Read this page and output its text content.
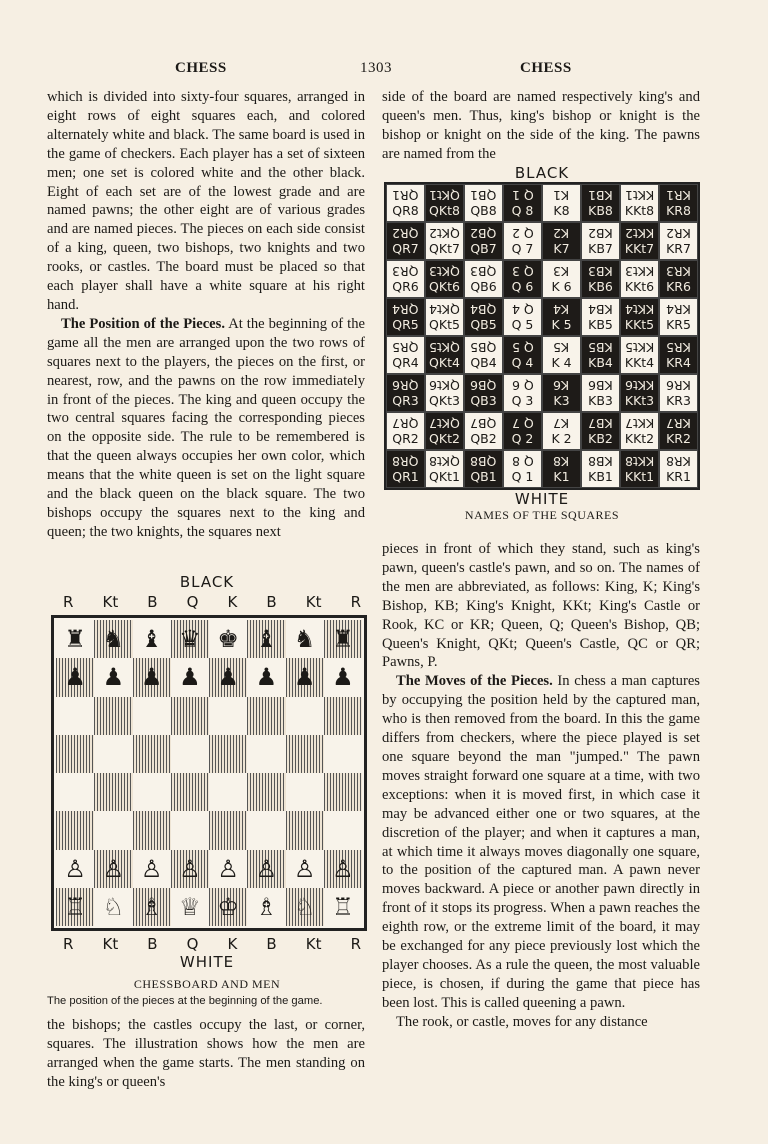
CHESS	1303	CHESS

which is divided into sixty-four squares, arranged in eight rows of eight squares each, and colored alternately white and black. The same board is used in the game of checkers. Each player has a set of sixteen men; one set is colored white and the other black. Eight of each set are of the lowest grade and are named pawns; the other eight are of various grades and are named pieces. The pieces on each side consist of a king, queen, two bishops, two knights and two rooks, or castles. The board must be placed so that each player shall have a white square at his right hand.

The Position of the Pieces. At the beginning of the game all the men are arranged upon the two rows of squares next to the players, the pieces on the first, or nearest, row, and the pawns on the row immediately in front of the pieces. The king and queen occupy the two central squares facing the corresponding pieces on the opposite side. The rule to be remembered is that the queen always occupies her own color, which means that the white queen is set on the light square and the black queen on the black square. The two bishops occupy the squares next to the king and queen; the two knights, the squares next

BLACK
R Kt B Q K B Kt R
♜ ♞ ♝ ♛ ♚ ♝ ♞ ♜
♟ ♟ ♟ ♟ ♟ ♟ ♟ ♟
♙ ♙ ♙ ♙ ♙ ♙ ♙ ♙
♖ ♘ ♗ ♕ ♔ ♗ ♘ ♖
R Kt B Q K B Kt R
WHITE
CHESSBOARD AND MEN
The position of the pieces at the beginning of the game.

the bishops; the castles occupy the last, or corner, squares. The illustration shows how the men are arranged when the game starts. The men standing on the king's or queen's

side of the board are named respectively king's and queen's men. Thus, king's bishop or knight is the bishop or knight on the side of the king. The pawns are named from the

BLACK
QR1
QR8
QKt1
QKt8
QB1
QB8
Q 1
Q 8
K1
K8
KB1
KB8
KKt1
KKt8
KR1
KR8
QR2
QR7
QKt2
QKt7
QB2
QB7
Q 2
Q 7
K2
K7
KB2
KB7
KKt2
KKt7
KR2
KR7
QR3
QR6
QKt3
QKt6
QB3
QB6
Q 3
Q 6
K3
K 6
KB3
KB6
KKt3
KKt6
KR3
KR6
QR4
QR5
QKt4
QKt5
QB4
QB5
Q 4
Q 5
K4
K 5
KB4
KB5
KKt4
KKt5
KR4
KR5
QR5
QR4
QKt5
QKt4
QB5
QB4
Q 5
Q 4
K5
K 4
KB5
KB4
KKt5
KKt4
KR5
KR4
QR6
QR3
QKt6
QKt3
QB6
QB3
Q 6
Q 3
K6
K3
KB6
KB3
KKt6
KKt3
KR6
KR3
QR7
QR2
QKt7
QKt2
QB7
QB2
Q 7
Q 2
K7
K 2
KB7
KB2
KKt7
KKt2
KR7
KR2
QR8
QR1
QKt8
QKt1
QB8
QB1
Q 8
Q 1
K8
K1
KB8
KB1
KKt8
KKt1
KR8
KR1
WHITE
NAMES OF THE SQUARES

pieces in front of which they stand, such as king's pawn, queen's castle's pawn, and so on. The names of the men are abbreviated, as follows: King, K; King's Bishop, KB; King's Knight, KKt; King's Castle or Rook, KC or KR; Queen, Q; Queen's Bishop, QB; Queen's Knight, QKt; Queen's Castle, QC or QR; Pawns, P.

The Moves of the Pieces. In chess a man captures by occupying the position held by the captured man, who is then removed from the board. In this the game differs from checkers, where the piece played is set one square beyond the man "jumped." The pawn moves straight forward one square at a time, with two exceptions: when it is moved first, in which case it may be advanced either one or two squares, at the discretion of the player; and when it captures a man, at which time it always moves diagonally one square, to the position of the captured man. A pawn never moves backward. A piece or another pawn directly in front of it stops its progress. When a pawn reaches the eighth row, or the extreme limit of the board, it may be exchanged for any piece previously lost which the player chooses. As a rule the queen, the most valuable piece, is chosen, if during the game that piece has been lost. This is called queening a pawn.

The rook, or castle, moves for any distance
